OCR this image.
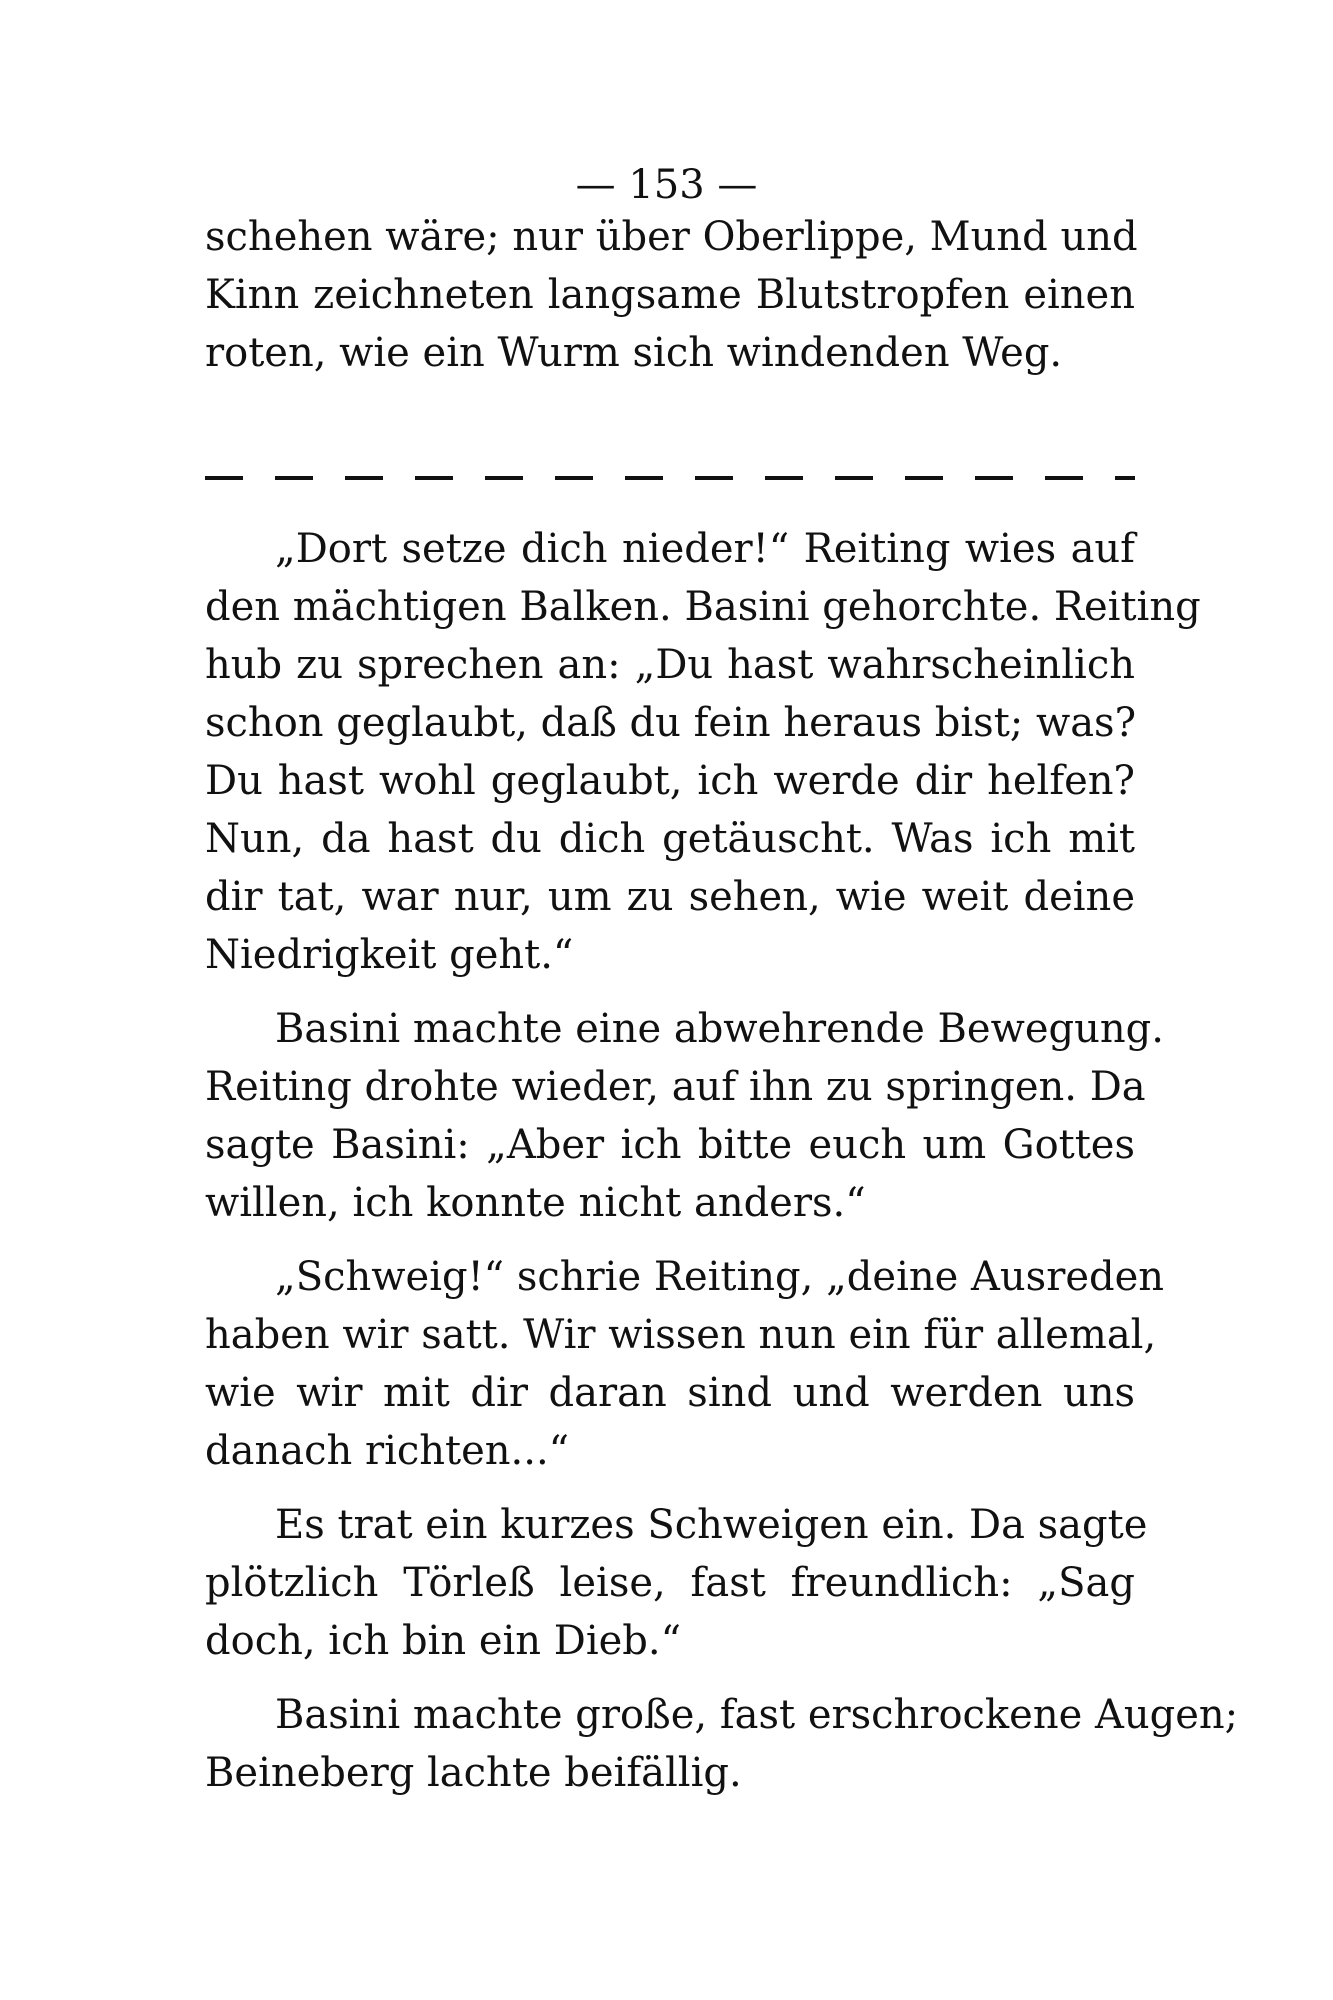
— 153 —
schehen wäre; nur über Oberlippe, Mund und
Kinn zeichneten langsame Blutstropfen einen
roten, wie ein Wurm sich windenden Weg.
„Dort setze dich nieder!“ Reiting wies auf
den mächtigen Balken. Basini gehorchte. Reiting
hub zu sprechen an: „Du hast wahrscheinlich
schon geglaubt, daß du fein heraus bist; was?
Du hast wohl geglaubt, ich werde dir helfen?
Nun, da hast du dich getäuscht. Was ich mit
dir tat, war nur, um zu sehen, wie weit deine
Niedrigkeit geht.“
Basini machte eine abwehrende Bewegung.
Reiting drohte wieder, auf ihn zu springen. Da
sagte Basini: „Aber ich bitte euch um Gottes
willen, ich konnte nicht anders.“
„Schweig!“ schrie Reiting, „deine Ausreden
haben wir satt. Wir wissen nun ein für allemal,
wie wir mit dir daran sind und werden uns
danach richten...“
Es trat ein kurzes Schweigen ein. Da sagte
plötzlich Törleß leise, fast freundlich: „Sag
doch, ich bin ein Dieb.“
Basini machte große, fast erschrockene Augen;
Beineberg lachte beifällig.
